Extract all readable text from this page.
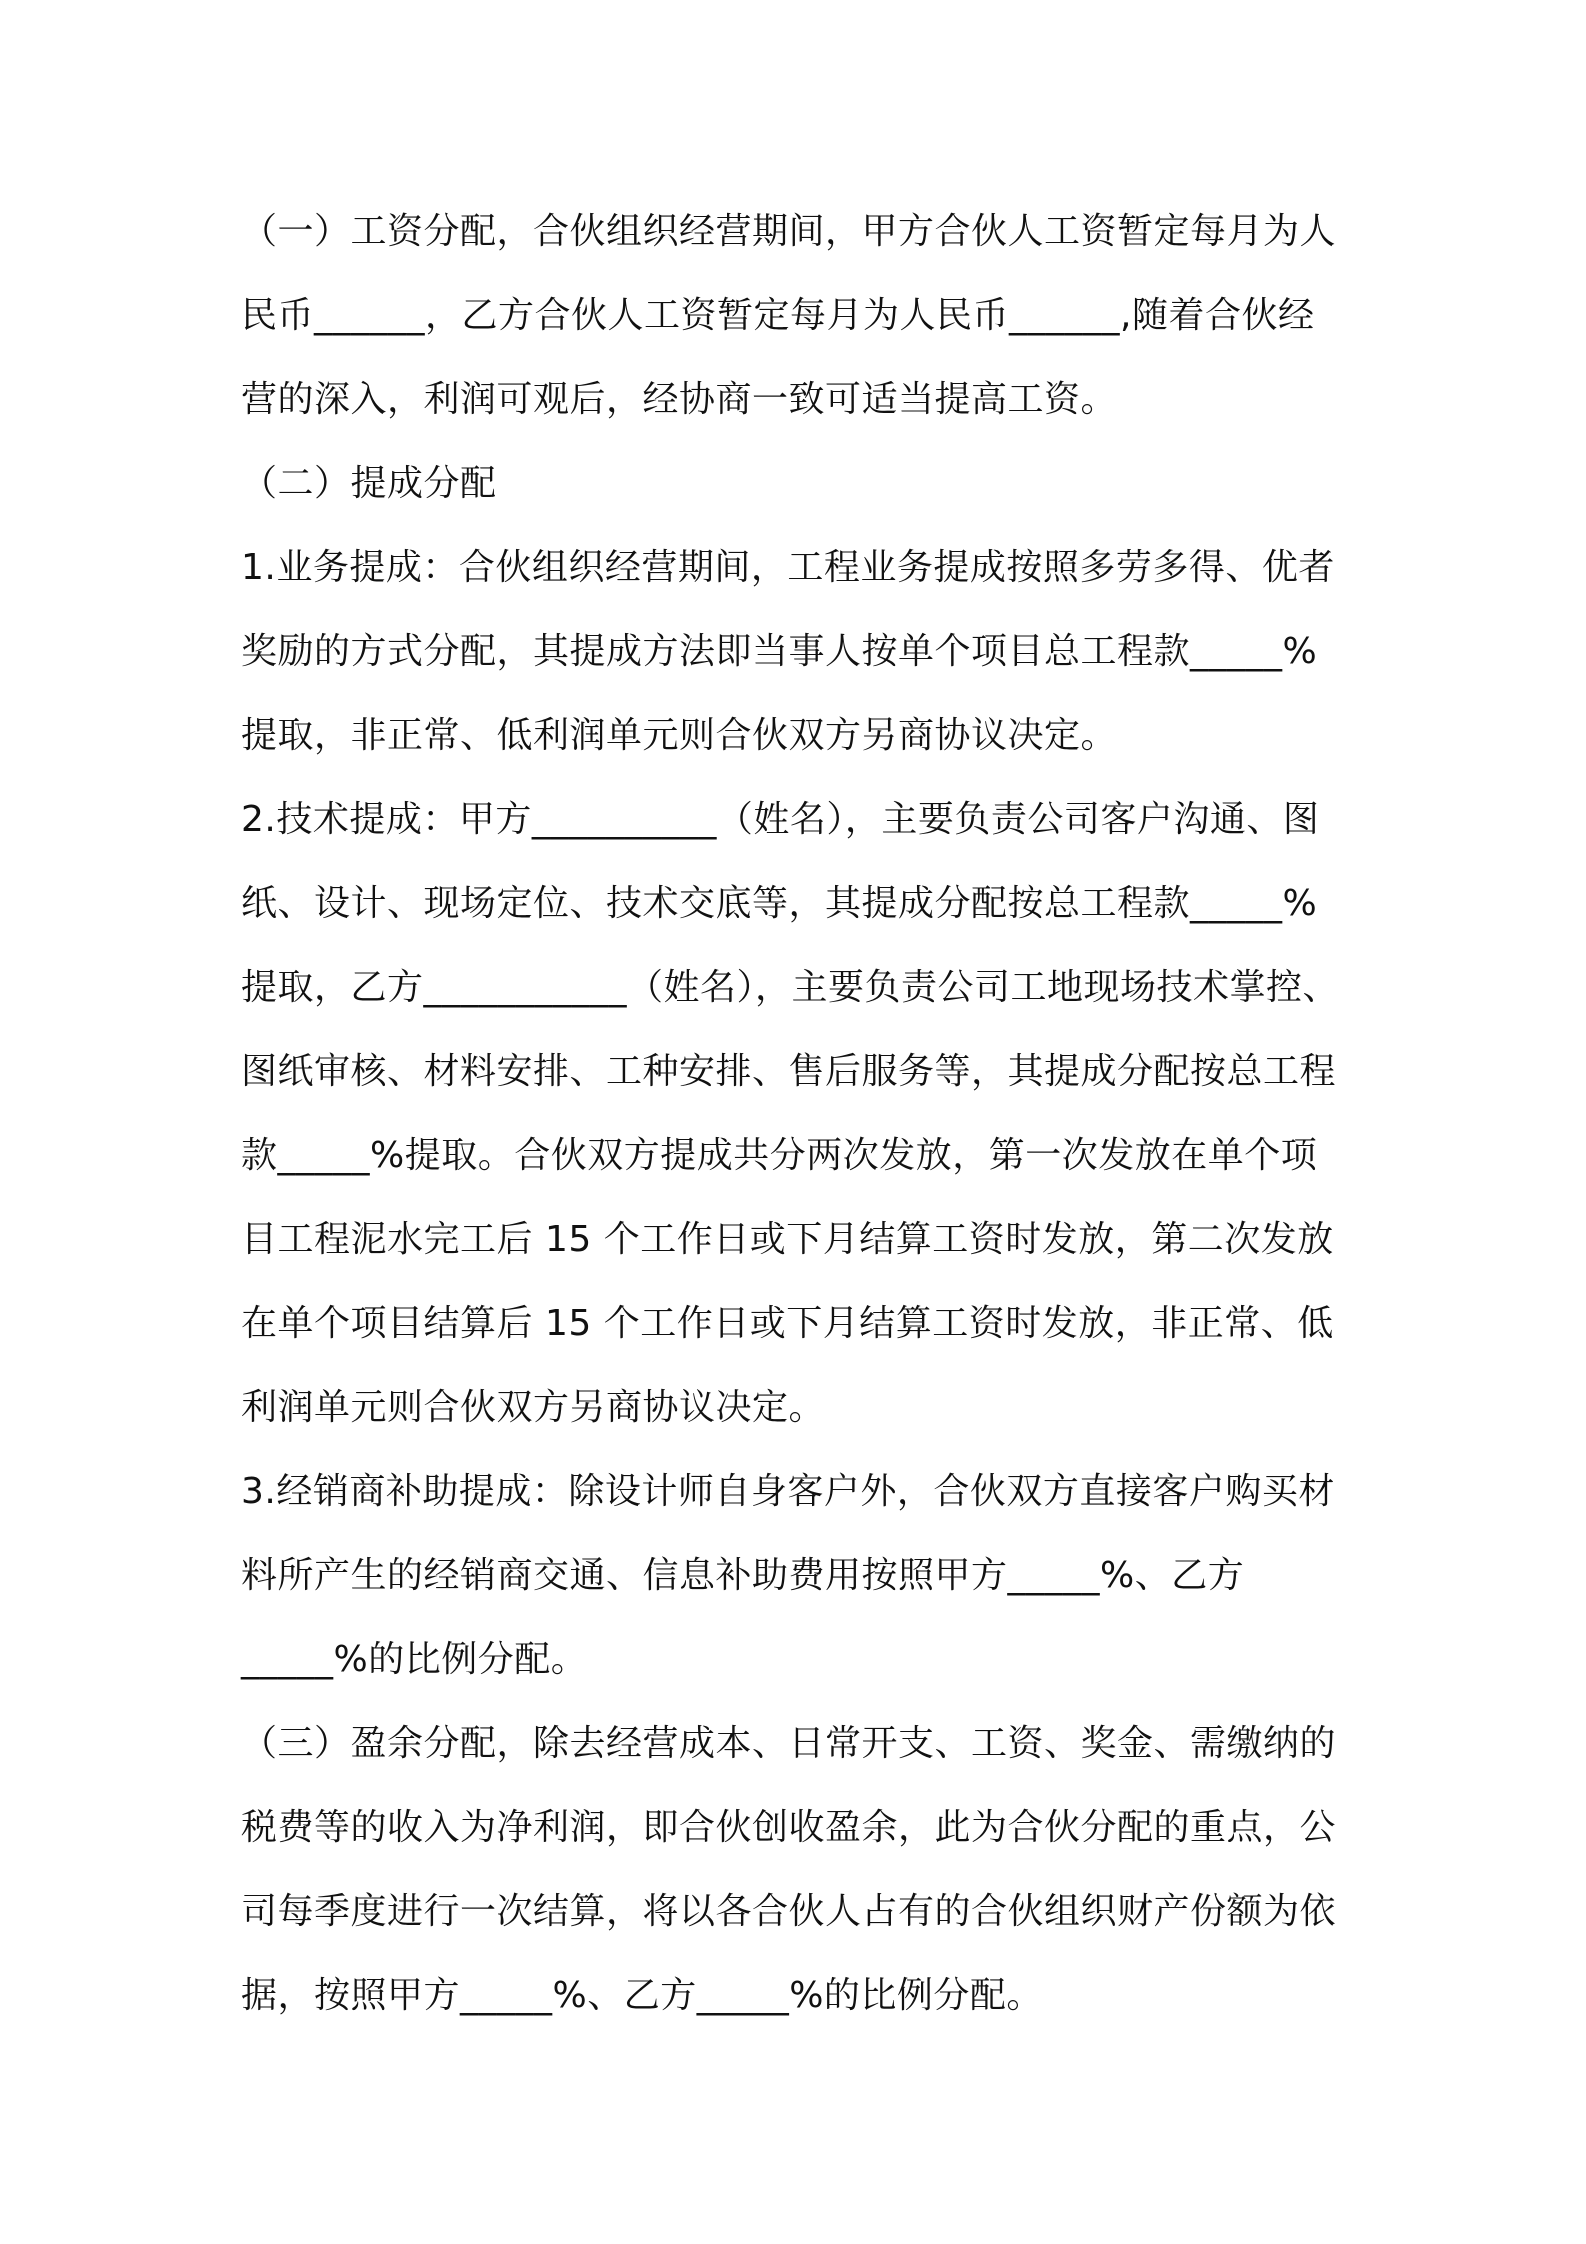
（一）工资分配，合伙组织经营期间，甲方合伙人工资暂定每月为人
民币______，乙方合伙人工资暂定每月为人民币______,随着合伙经
营的深入，利润可观后，经协商一致可适当提高工资。
（二）提成分配
1.业务提成：合伙组织经营期间，工程业务提成按照多劳多得、优者
奖励的方式分配，其提成方法即当事人按单个项目总工程款_____%
提取，非正常、低利润单元则合伙双方另商协议决定。
2.技术提成：甲方__________（姓名），主要负责公司客户沟通、图
纸、设计、现场定位、技术交底等，其提成分配按总工程款_____%
提取，乙方___________（姓名），主要负责公司工地现场技术掌控、
图纸审核、材料安排、工种安排、售后服务等，其提成分配按总工程
款_____%提取。合伙双方提成共分两次发放，第一次发放在单个项
目工程泥水完工后 15 个工作日或下月结算工资时发放，第二次发放
在单个项目结算后 15 个工作日或下月结算工资时发放，非正常、低
利润单元则合伙双方另商协议决定。
3.经销商补助提成：除设计师自身客户外，合伙双方直接客户购买材
料所产生的经销商交通、信息补助费用按照甲方_____%、乙方
_____%的比例分配。
（三）盈余分配，除去经营成本、日常开支、工资、奖金、需缴纳的
税费等的收入为净利润，即合伙创收盈余，此为合伙分配的重点，公
司每季度进行一次结算，将以各合伙人占有的合伙组织财产份额为依
据，按照甲方_____%、乙方_____%的比例分配。
